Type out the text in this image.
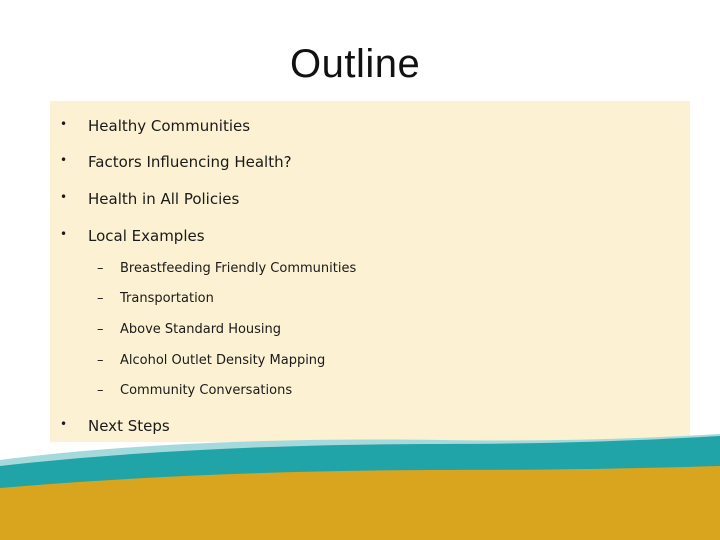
Outline
• Healthy Communities
• Factors Influencing Health?
• Health in All Policies
• Local Examples
– Breastfeeding Friendly Communities
– Transportation
– Above Standard Housing
– Alcohol Outlet Density Mapping
– Community Conversations
• Next Steps
